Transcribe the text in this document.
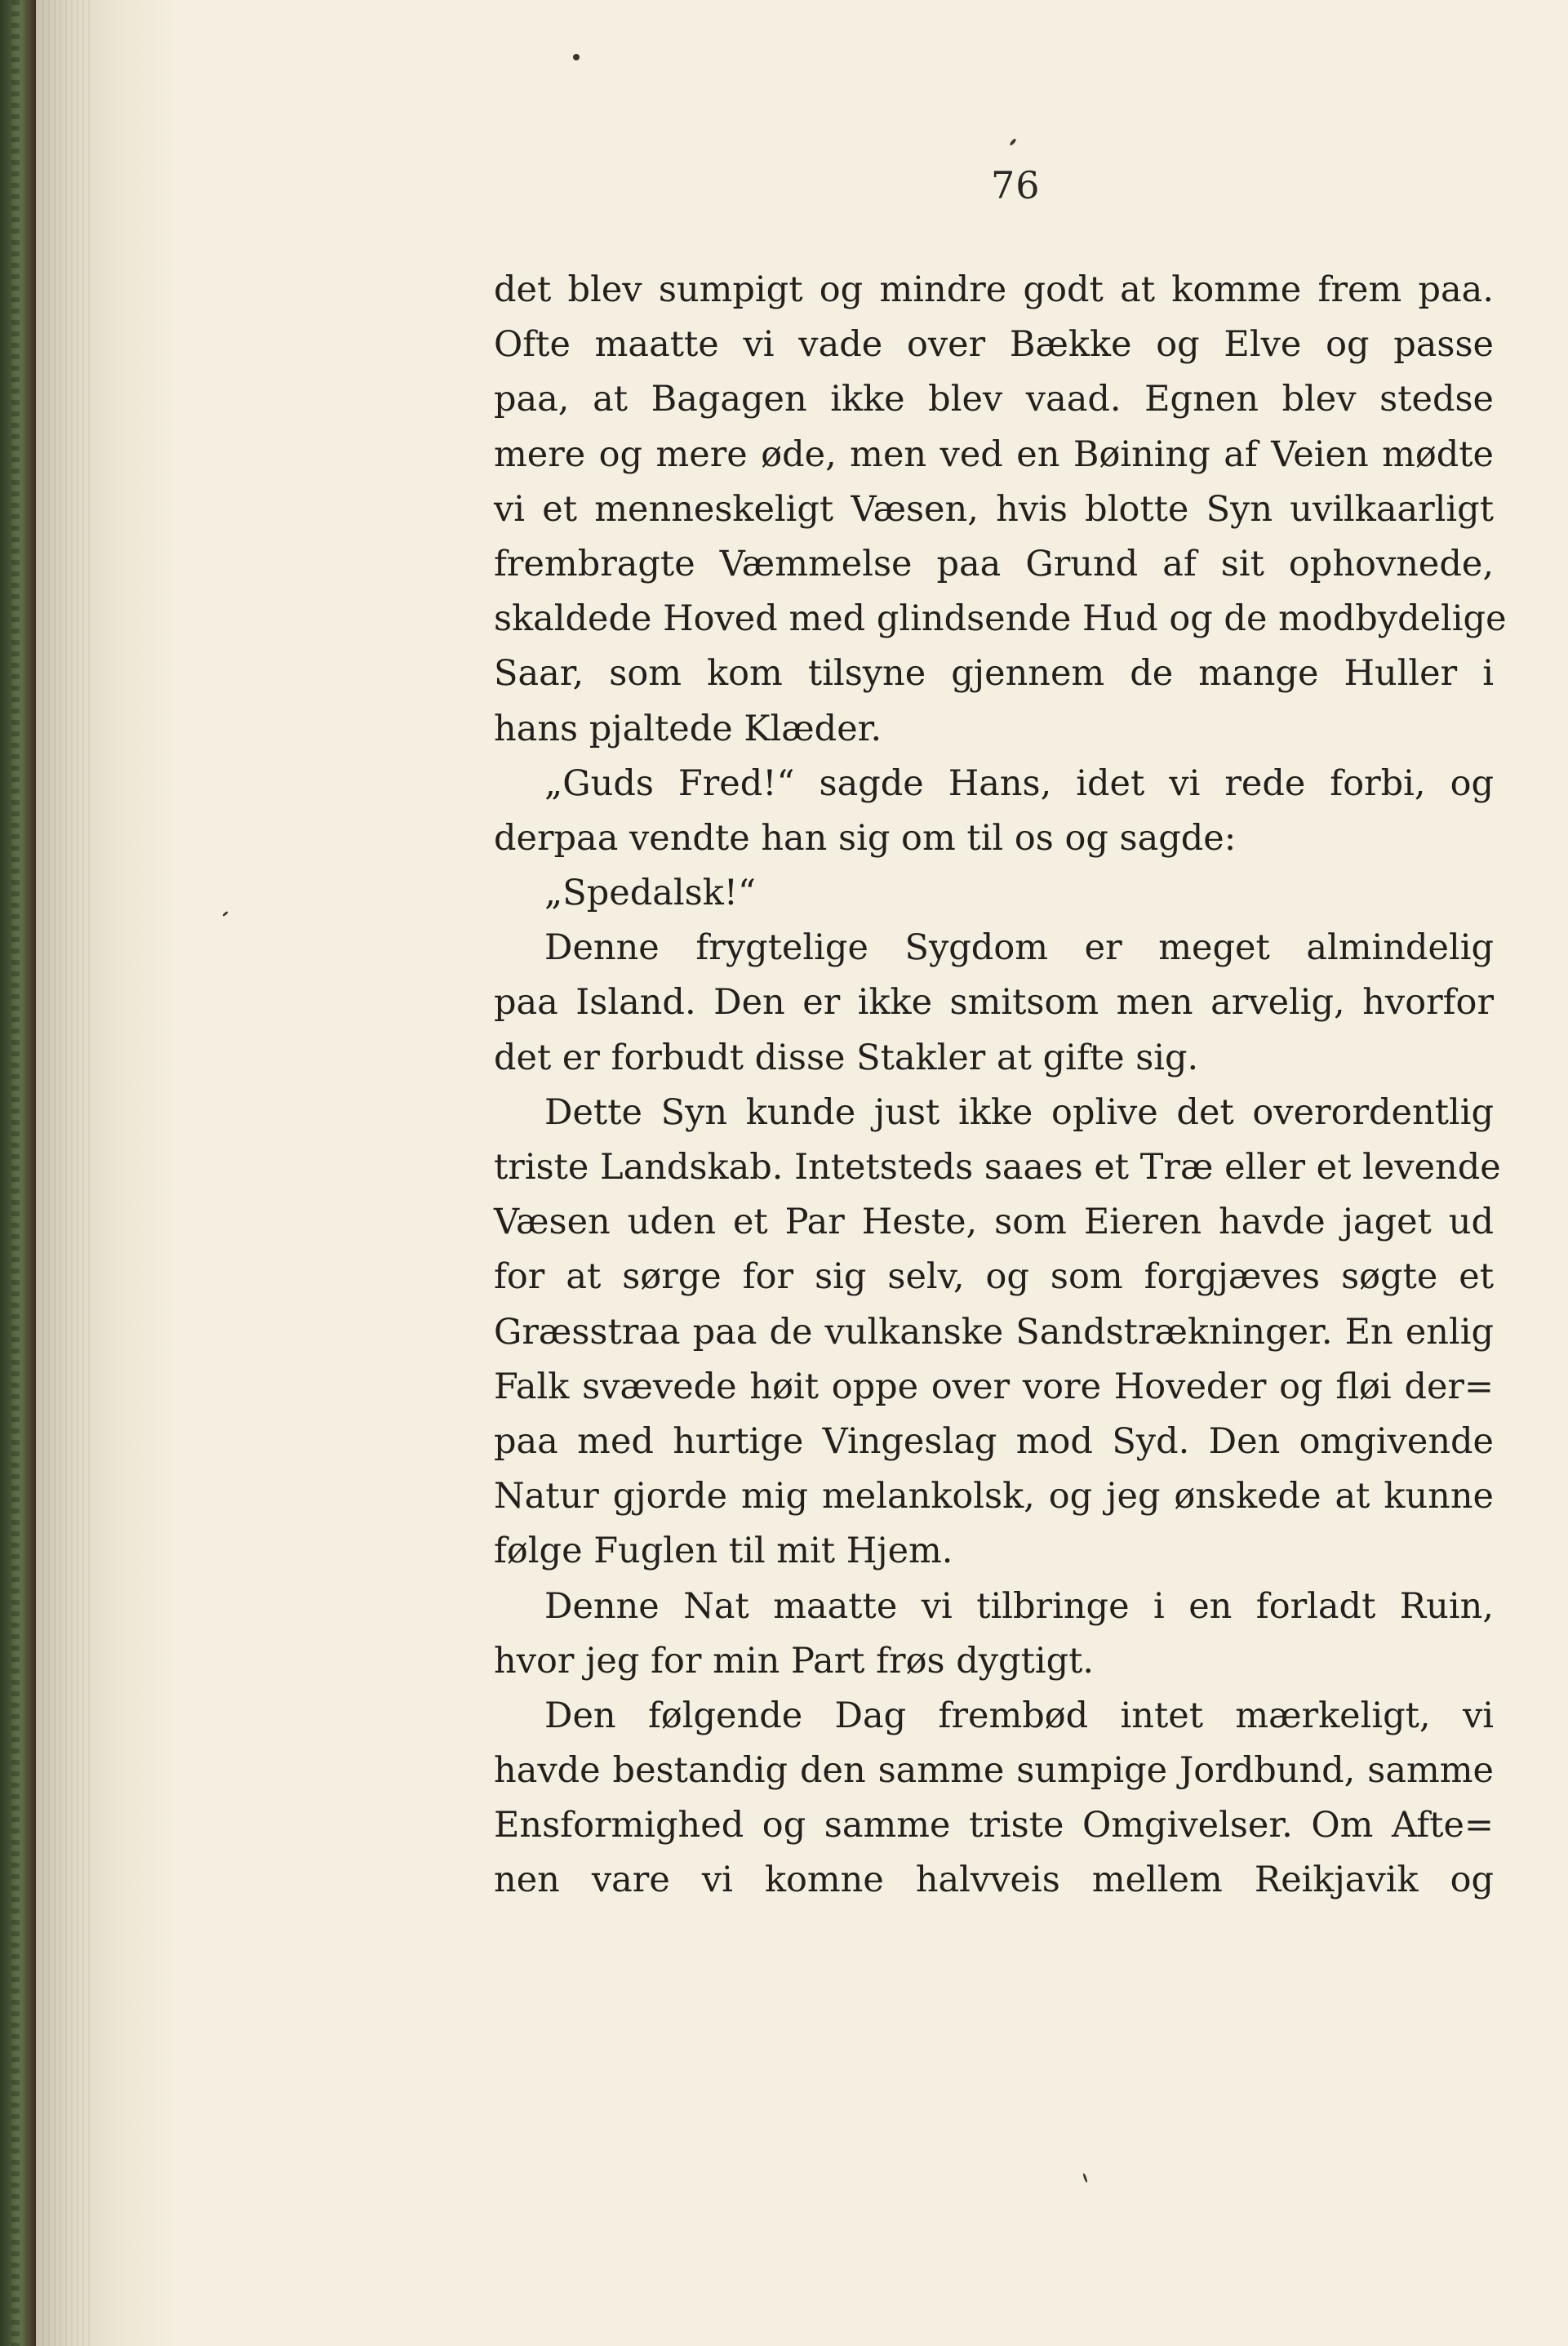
76
det blev sumpigt og mindre godt at komme frem paa.
Ofte maatte vi vade over Bække og Elve og passe
paa, at Bagagen ikke blev vaad. Egnen blev stedse
mere og mere øde, men ved en Bøining af Veien mødte
vi et menneskeligt Væsen, hvis blotte Syn uvilkaarligt
frembragte Væmmelse paa Grund af sit ophovnede,
skaldede Hoved med glindsende Hud og de modbydelige
Saar, som kom tilsyne gjennem de mange Huller i
hans pjaltede Klæder.
„Guds Fred!“ sagde Hans, idet vi rede forbi, og
derpaa vendte han sig om til os og sagde:
„Spedalsk!“
Denne frygtelige Sygdom er meget almindelig
paa Island. Den er ikke smitsom men arvelig, hvorfor
det er forbudt disse Stakler at gifte sig.
Dette Syn kunde just ikke oplive det overordentlig
triste Landskab. Intetsteds saaes et Træ eller et levende
Væsen uden et Par Heste, som Eieren havde jaget ud
for at sørge for sig selv, og som forgjæves søgte et
Græsstraa paa de vulkanske Sandstrækninger. En enlig
Falk svævede høit oppe over vore Hoveder og fløi der=
paa med hurtige Vingeslag mod Syd. Den omgivende
Natur gjorde mig melankolsk, og jeg ønskede at kunne
følge Fuglen til mit Hjem.
Denne Nat maatte vi tilbringe i en forladt Ruin,
hvor jeg for min Part frøs dygtigt.
Den følgende Dag frembød intet mærkeligt, vi
havde bestandig den samme sumpige Jordbund, samme
Ensformighed og samme triste Omgivelser. Om Afte=
nen vare vi komne halvveis mellem Reikjavik og
